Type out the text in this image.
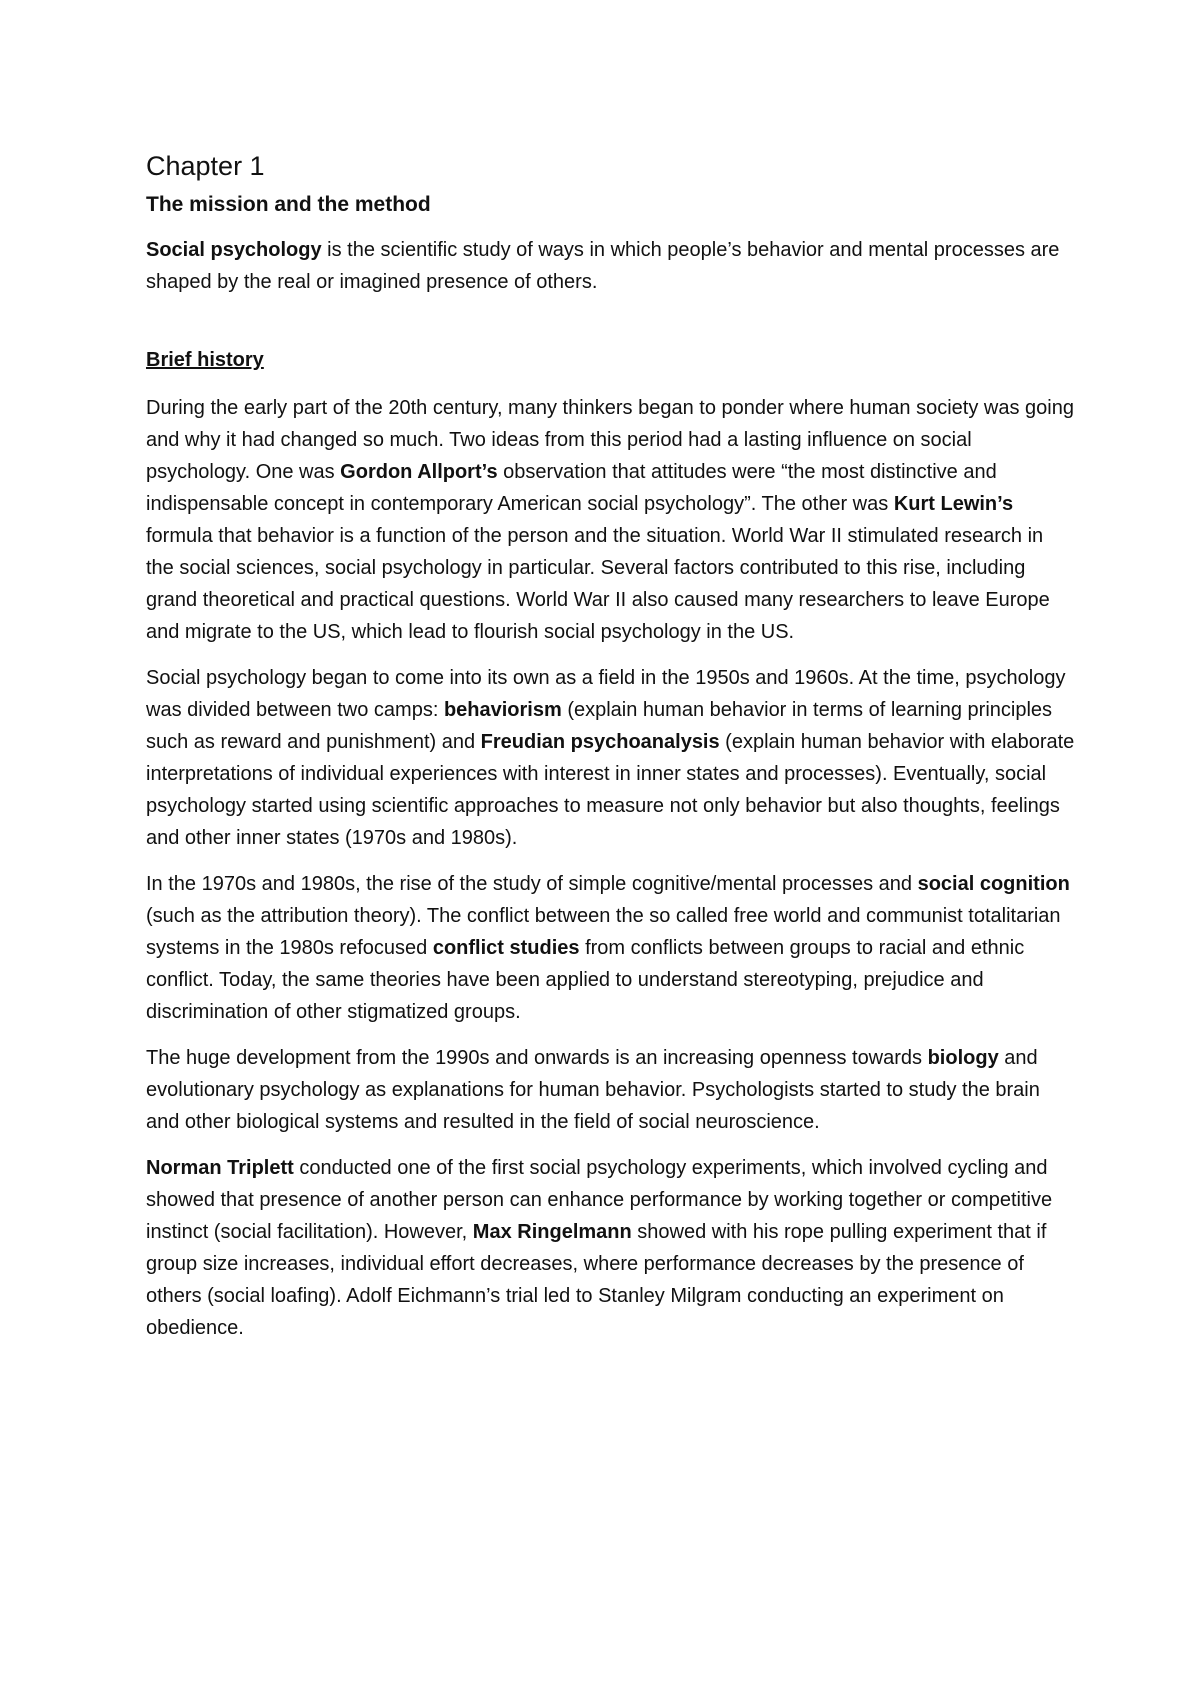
Chapter 1
The mission and the method

Social psychology is the scientific study of ways in which people’s behavior and mental processes are shaped by the real or imagined presence of others.

Brief history

During the early part of the 20th century, many thinkers began to ponder where human society was going and why it had changed so much. Two ideas from this period had a lasting influence on social psychology. One was Gordon Allport’s observation that attitudes were “the most distinctive and indispensable concept in contemporary American social psychology”. The other was Kurt Lewin’s formula that behavior is a function of the person and the situation. World War II stimulated research in the social sciences, social psychology in particular. Several factors contributed to this rise, including grand theoretical and practical questions. World War II also caused many researchers to leave Europe and migrate to the US, which lead to flourish social psychology in the US.

Social psychology began to come into its own as a field in the 1950s and 1960s. At the time, psychology was divided between two camps: behaviorism (explain human behavior in terms of learning principles such as reward and punishment) and Freudian psychoanalysis (explain human behavior with elaborate interpretations of individual experiences with interest in inner states and processes). Eventually, social psychology started using scientific approaches to measure not only behavior but also thoughts, feelings and other inner states (1970s and 1980s).

In the 1970s and 1980s, the rise of the study of simple cognitive/mental processes and social cognition (such as the attribution theory). The conflict between the so called free world and communist totalitarian systems in the 1980s refocused conflict studies from conflicts between groups to racial and ethnic conflict. Today, the same theories have been applied to understand stereotyping, prejudice and discrimination of other stigmatized groups.

The huge development from the 1990s and onwards is an increasing openness towards biology and evolutionary psychology as explanations for human behavior. Psychologists started to study the brain and other biological systems and resulted in the field of social neuroscience.

Norman Triplett conducted one of the first social psychology experiments, which involved cycling and showed that presence of another person can enhance performance by working together or competitive instinct (social facilitation). However, Max Ringelmann showed with his rope pulling experiment that if group size increases, individual effort decreases, where performance decreases by the presence of others (social loafing). Adolf Eichmann’s trial led to Stanley Milgram conducting an experiment on obedience.
